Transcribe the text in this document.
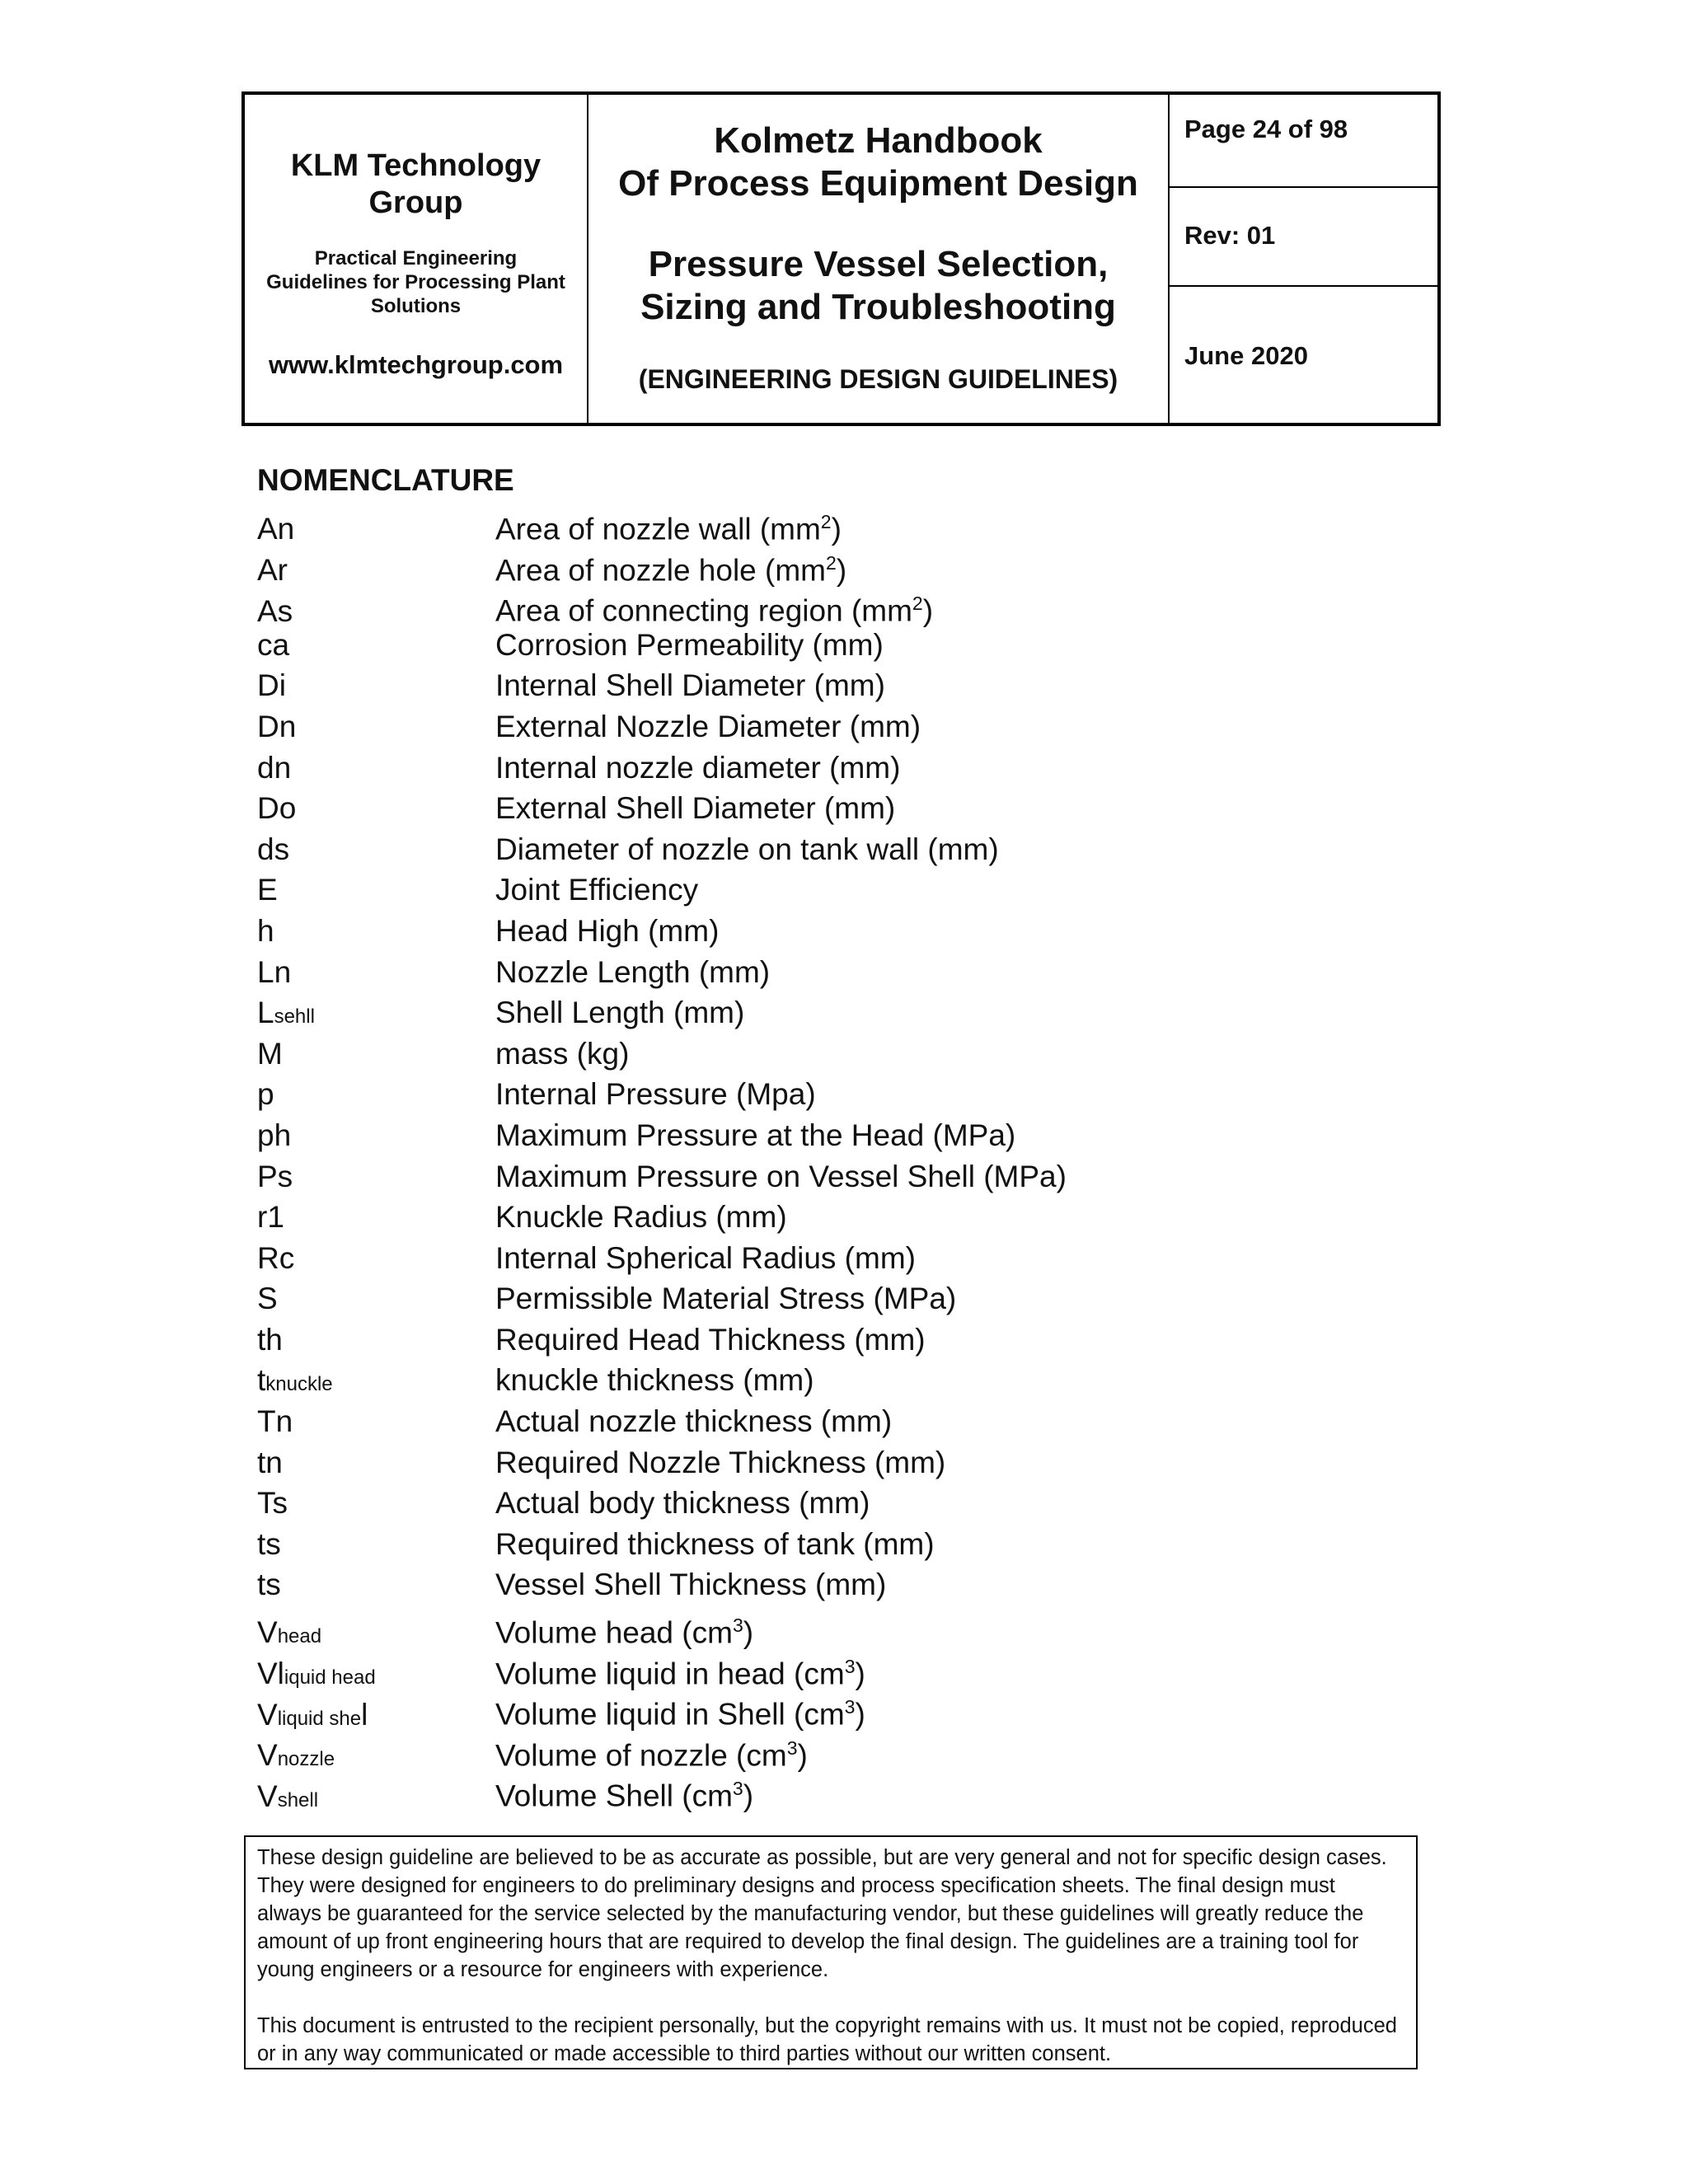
KLM Technology
Group
Practical Engineering
Guidelines for Processing Plant
Solutions
www.klmtechgroup.com
Kolmetz Handbook
Of Process Equipment Design
Pressure Vessel Selection,
Sizing and Troubleshooting
(ENGINEERING DESIGN GUIDELINES)
Page 24 of 98
Rev: 01
June 2020
NOMENCLATURE
An	Area of nozzle wall $(mm^2)$
Ar	Area of nozzle hole $(mm^2)$
As	Area of connecting region $(mm^2)$
ca	Corrosion Permeability (mm)
Di	Internal Shell Diameter (mm)
Dn	External Nozzle Diameter (mm)
dn	Internal nozzle diameter (mm)
Do	External Shell Diameter (mm)
ds	Diameter of nozzle on tank wall (mm)
E	Joint Efficiency
h	Head High (mm)
Ln	Nozzle Length (mm)
Lsehll	Shell Length (mm)
M	mass (kg)
p	Internal Pressure (Mpa)
ph	Maximum Pressure at the Head (MPa)
Ps	Maximum Pressure on Vessel Shell (MPa)
r1	Knuckle Radius (mm)
Rc	Internal Spherical Radius (mm)
S	Permissible Material Stress (MPa)
th	Required Head Thickness (mm)
tknuckle	knuckle thickness (mm)
Tn	Actual nozzle thickness (mm)
tn	Required Nozzle Thickness (mm)
Ts	Actual body thickness (mm)
ts	Required thickness of tank (mm)
ts	Vessel Shell Thickness (mm)
Vhead	Volume head $(cm^3)$
Vliquid head	Volume liquid in head $(cm^3)$
Vliquid shel	Volume liquid in Shell $(cm^3)$
Vnozzle	Volume of nozzle $(cm^3)$
Vshell	Volume Shell $(cm^3)$

These design guideline are believed to be as accurate as possible, but are very general and not for specific design cases. They were designed for engineers to do preliminary designs and process specification sheets. The final design must always be guaranteed for the service selected by the manufacturing vendor, but these guidelines will greatly reduce the amount of up front engineering hours that are required to develop the final design. The guidelines are a training tool for young engineers or a resource for engineers with experience.

This document is entrusted to the recipient personally, but the copyright remains with us. It must not be copied, reproduced or in any way communicated or made accessible to third parties without our written consent.
